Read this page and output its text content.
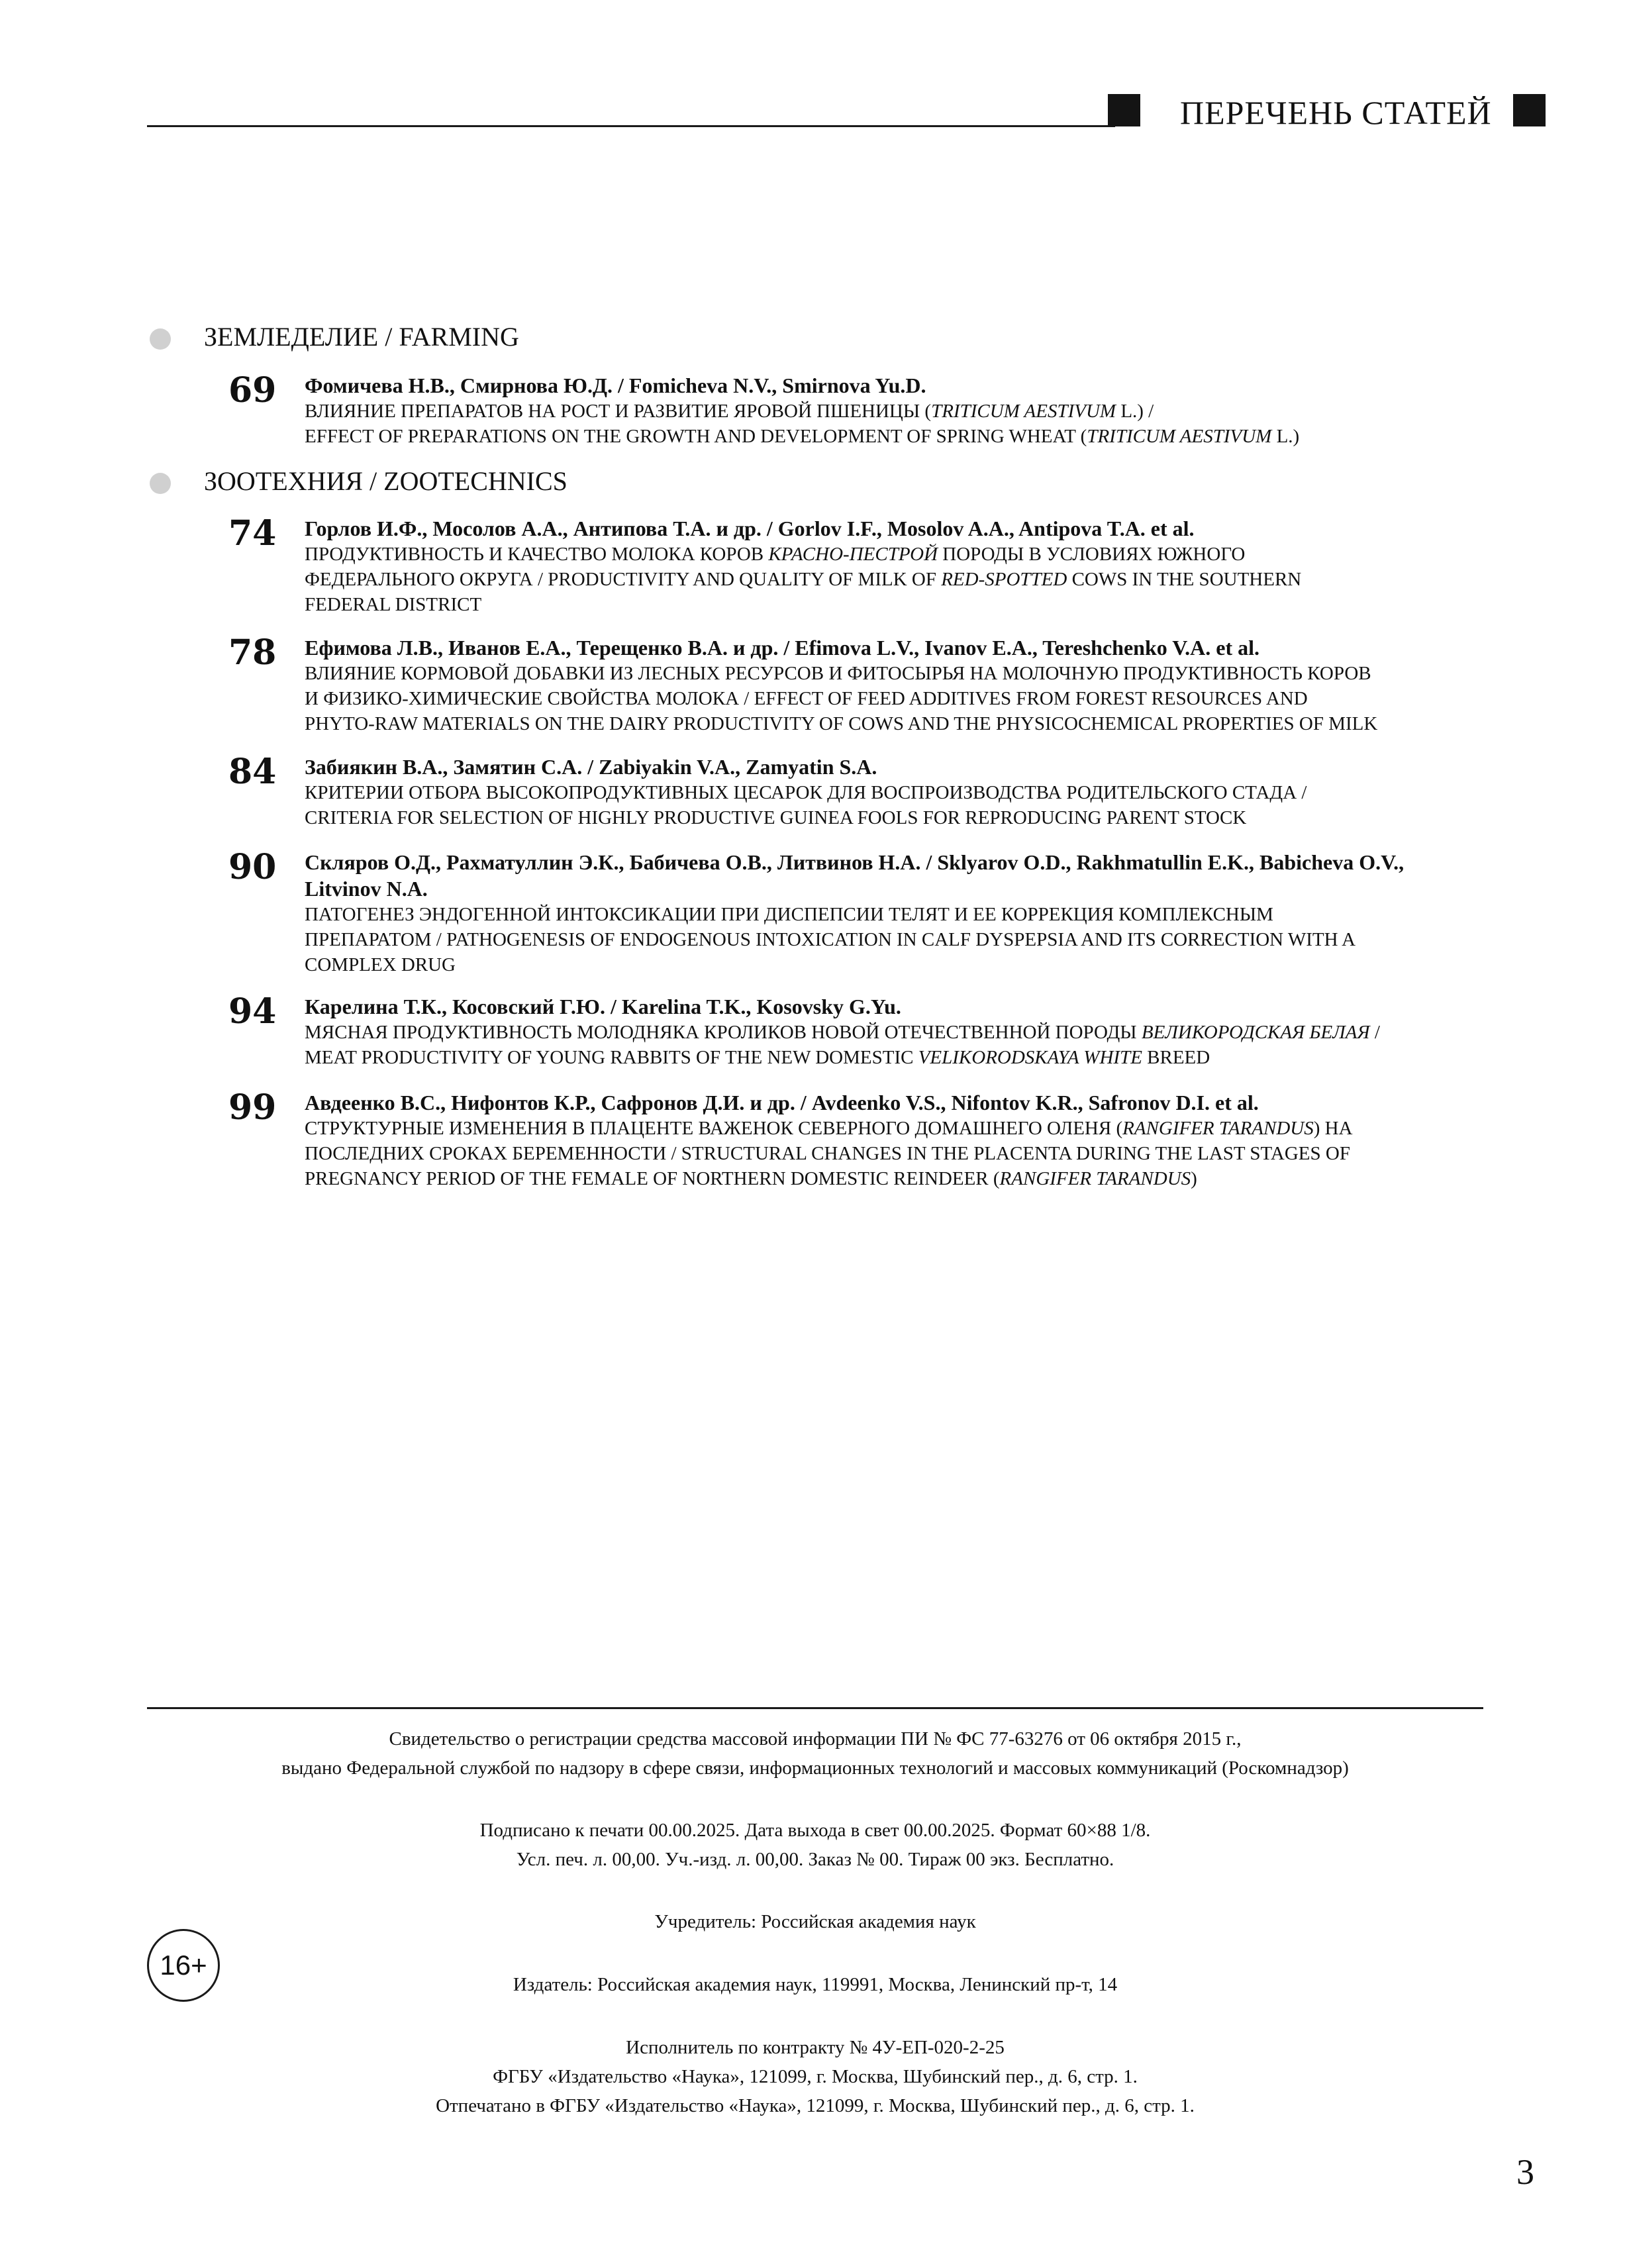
ПЕРЕЧЕНЬ СТАТЕЙ
ЗЕМЛЕДЕЛИЕ / FARMING
69	Фомичева Н.В., Смирнова Ю.Д. / Fomicheva N.V., Smirnova Yu.D.
ВЛИЯНИЕ ПРЕПАРАТОВ НА РОСТ И РАЗВИТИЕ ЯРОВОЙ ПШЕНИЦЫ (TRITICUM AESTIVUM L.) /
EFFECT OF PREPARATIONS ON THE GROWTH AND DEVELOPMENT OF SPRING WHEAT (TRITICUM AESTIVUM L.)
ЗООТЕХНИЯ / ZOOTECHNICS
74	Горлов И.Ф., Мосолов А.А., Антипова Т.А. и др. / Gorlov I.F., Mosolov A.A., Antipova T.A. et al.
ПРОДУКТИВНОСТЬ И КАЧЕСТВО МОЛОКА КОРОВ КРАСНО-ПЕСТРОЙ ПОРОДЫ В УСЛОВИЯХ ЮЖНОГО
ФЕДЕРАЛЬНОГО ОКРУГА / PRODUCTIVITY AND QUALITY OF MILK OF RED-SPOTTED COWS IN THE SOUTHERN
FEDERAL DISTRICT
78	Ефимова Л.В., Иванов Е.А., Терещенко В.А. и др. / Efimova L.V., Ivanov E.A., Tereshchenko V.A. et al.
ВЛИЯНИЕ КОРМОВОЙ ДОБАВКИ ИЗ ЛЕСНЫХ РЕСУРСОВ И ФИТОСЫРЬЯ НА МОЛОЧНУЮ ПРОДУКТИВНОСТЬ КОРОВ
И ФИЗИКО-ХИМИЧЕСКИЕ СВОЙСТВА МОЛОКА / EFFECT OF FEED ADDITIVES FROM FOREST RESOURCES AND
PHYTO-RAW MATERIALS ON THE DAIRY PRODUCTIVITY OF COWS AND THE PHYSICOCHEMICAL PROPERTIES OF MILK
84	Забиякин В.А., Замятин С.А. / Zabiyakin V.A., Zamyatin S.A.
КРИТЕРИИ ОТБОРА ВЫСОКОПРОДУКТИВНЫХ ЦЕСАРОК ДЛЯ ВОСПРОИЗВОДСТВА РОДИТЕЛЬСКОГО СТАДА /
CRITERIA FOR SELECTION OF HIGHLY PRODUCTIVE GUINEA FOOLS FOR REPRODUCING PARENT STOCK
90	Скляров О.Д., Рахматуллин Э.К., Бабичева О.В., Литвинов Н.А. / Sklyarov O.D., Rakhmatullin E.K., Babicheva O.V.,
Litvinov N.A.
ПАТОГЕНЕЗ ЭНДОГЕННОЙ ИНТОКСИКАЦИИ ПРИ ДИСПЕПСИИ ТЕЛЯТ И ЕЕ КОРРЕКЦИЯ КОМПЛЕКСНЫМ
ПРЕПАРАТОМ / PATHOGENESIS OF ENDOGENOUS INTOXICATION IN CALF DYSPEPSIA AND ITS CORRECTION WITH A
COMPLEX DRUG
94	Карелина Т.К., Косовский Г.Ю. / Karelina T.K., Kosovsky G.Yu.
МЯСНАЯ ПРОДУКТИВНОСТЬ МОЛОДНЯКА КРОЛИКОВ НОВОЙ ОТЕЧЕСТВЕННОЙ ПОРОДЫ ВЕЛИКОРОДСКАЯ БЕЛАЯ /
MEAT PRODUCTIVITY OF YOUNG RABBITS OF THE NEW DOMESTIC VELIKORODSKAYA WHITE BREED
99	Авдеенко В.С., Нифонтов К.Р., Сафронов Д.И. и др. / Avdeenko V.S., Nifontov K.R., Safronov D.I. et al.
СТРУКТУРНЫЕ ИЗМЕНЕНИЯ В ПЛАЦЕНТЕ ВАЖЕНОК СЕВЕРНОГО ДОМАШНЕГО ОЛЕНЯ (RANGIFER TARANDUS) НА
ПОСЛЕДНИХ СРОКАХ БЕРЕМЕННОСТИ / STRUCTURAL CHANGES IN THE PLACENTA DURING THE LAST STAGES OF
PREGNANCY PERIOD OF THE FEMALE OF NORTHERN DOMESTIC REINDEER (RANGIFER TARANDUS)
Свидетельство о регистрации средства массовой информации ПИ № ФС 77-63276 от 06 октября 2015 г.,
выдано Федеральной службой по надзору в сфере связи, информационных технологий и массовых коммуникаций (Роскомнадзор)
Подписано к печати 00.00.2025. Дата выхода в свет 00.00.2025. Формат 60×88 1/8.
Усл. печ. л. 00,00. Уч.-изд. л. 00,00. Заказ № 00. Тираж 00 экз. Бесплатно.
Учредитель: Российская академия наук
Издатель: Российская академия наук, 119991, Москва, Ленинский пр-т, 14
Исполнитель по контракту № 4У-ЕП-020-2-25
ФГБУ «Издательство «Наука», 121099, г. Москва, Шубинский пер., д. 6, стр. 1.
Отпечатано в ФГБУ «Издательство «Наука», 121099, г. Москва, Шубинский пер., д. 6, стр. 1.
16+
3
